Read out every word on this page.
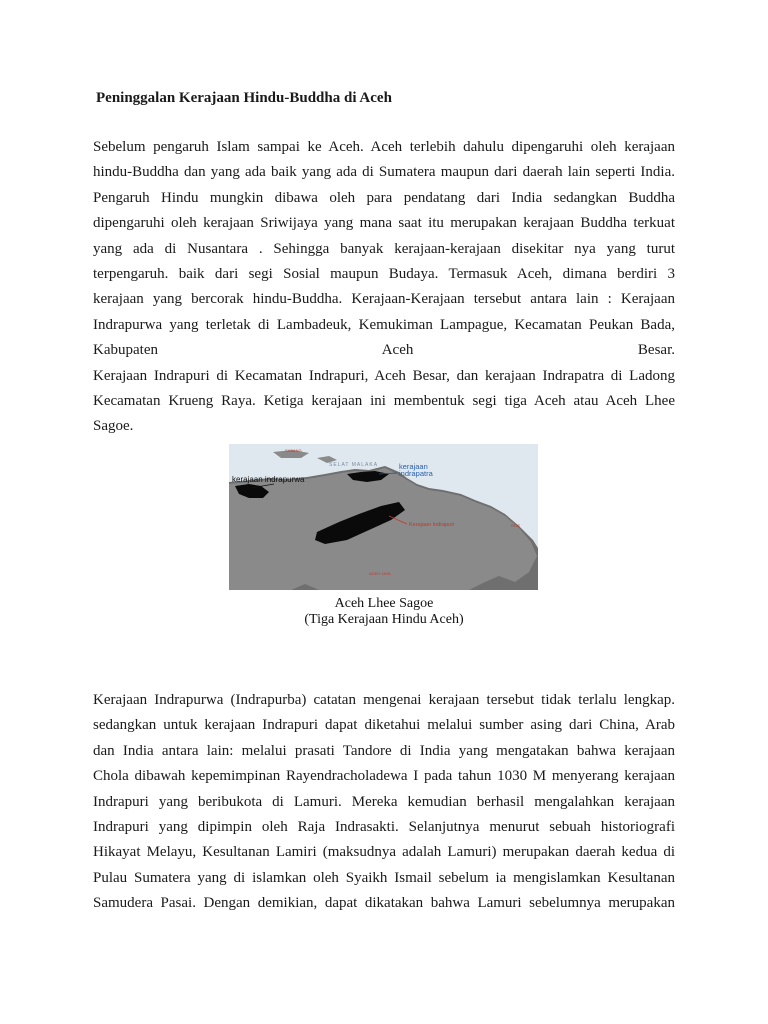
Peninggalan Kerajaan Hindu-Buddha di Aceh
Sebelum pengaruh Islam sampai ke Aceh. Aceh terlebih dahulu dipengaruhi oleh kerajaan
hindu-Buddha dan yang ada baik yang ada di Sumatera maupun dari daerah lain seperti India.
Pengaruh Hindu mungkin dibawa oleh para pendatang dari India sedangkan Buddha
dipengaruhi oleh kerajaan Sriwijaya yang mana saat itu merupakan kerajaan Buddha terkuat
yang ada di Nusantara . Sehingga banyak kerajaan-kerajaan disekitar nya yang turut
terpengaruh. baik dari segi Sosial maupun Budaya. Termasuk Aceh, dimana berdiri 3
kerajaan yang bercorak hindu-Buddha. Kerajaan-Kerajaan tersebut antara lain : Kerajaan
Indrapurwa yang terletak di Lambadeuk, Kemukiman Lampague, Kecamatan Peukan Bada,
Kabupaten Aceh Besar.
Kerajaan Indrapuri di Kecamatan Indrapuri, Aceh Besar, dan kerajaan Indrapatra di Ladong
Kecamatan Krueng Raya. Ketiga kerajaan ini membentuk segi tiga Aceh atau Aceh Lhee
Sagoe.
SABANG
SELAT MALAKA	kerajaan
indrapatra
kerajaan indrapurwa
Kerajaan Indrapuri	PIDIE
ACEH JAYA
Aceh Lhee Sagoe
(Tiga Kerajaan Hindu Aceh)
Kerajaan Indrapurwa (Indrapurba) catatan mengenai kerajaan tersebut tidak terlalu lengkap.
sedangkan untuk kerajaan Indrapuri dapat diketahui melalui sumber asing dari China, Arab
dan India antara lain: melalui prasati Tandore di India yang mengatakan bahwa kerajaan
Chola dibawah kepemimpinan Rayendracholadewa I pada tahun 1030 M menyerang kerajaan
Indrapuri yang beribukota di Lamuri. Mereka kemudian berhasil mengalahkan kerajaan
Indrapuri yang dipimpin oleh Raja Indrasakti. Selanjutnya menurut sebuah historiografi
Hikayat Melayu, Kesultanan Lamiri (maksudnya adalah Lamuri) merupakan daerah kedua di
Pulau Sumatera yang di islamkan oleh Syaikh Ismail sebelum ia mengislamkan Kesultanan
Samudera Pasai. Dengan demikian, dapat dikatakan bahwa Lamuri sebelumnya merupakan
